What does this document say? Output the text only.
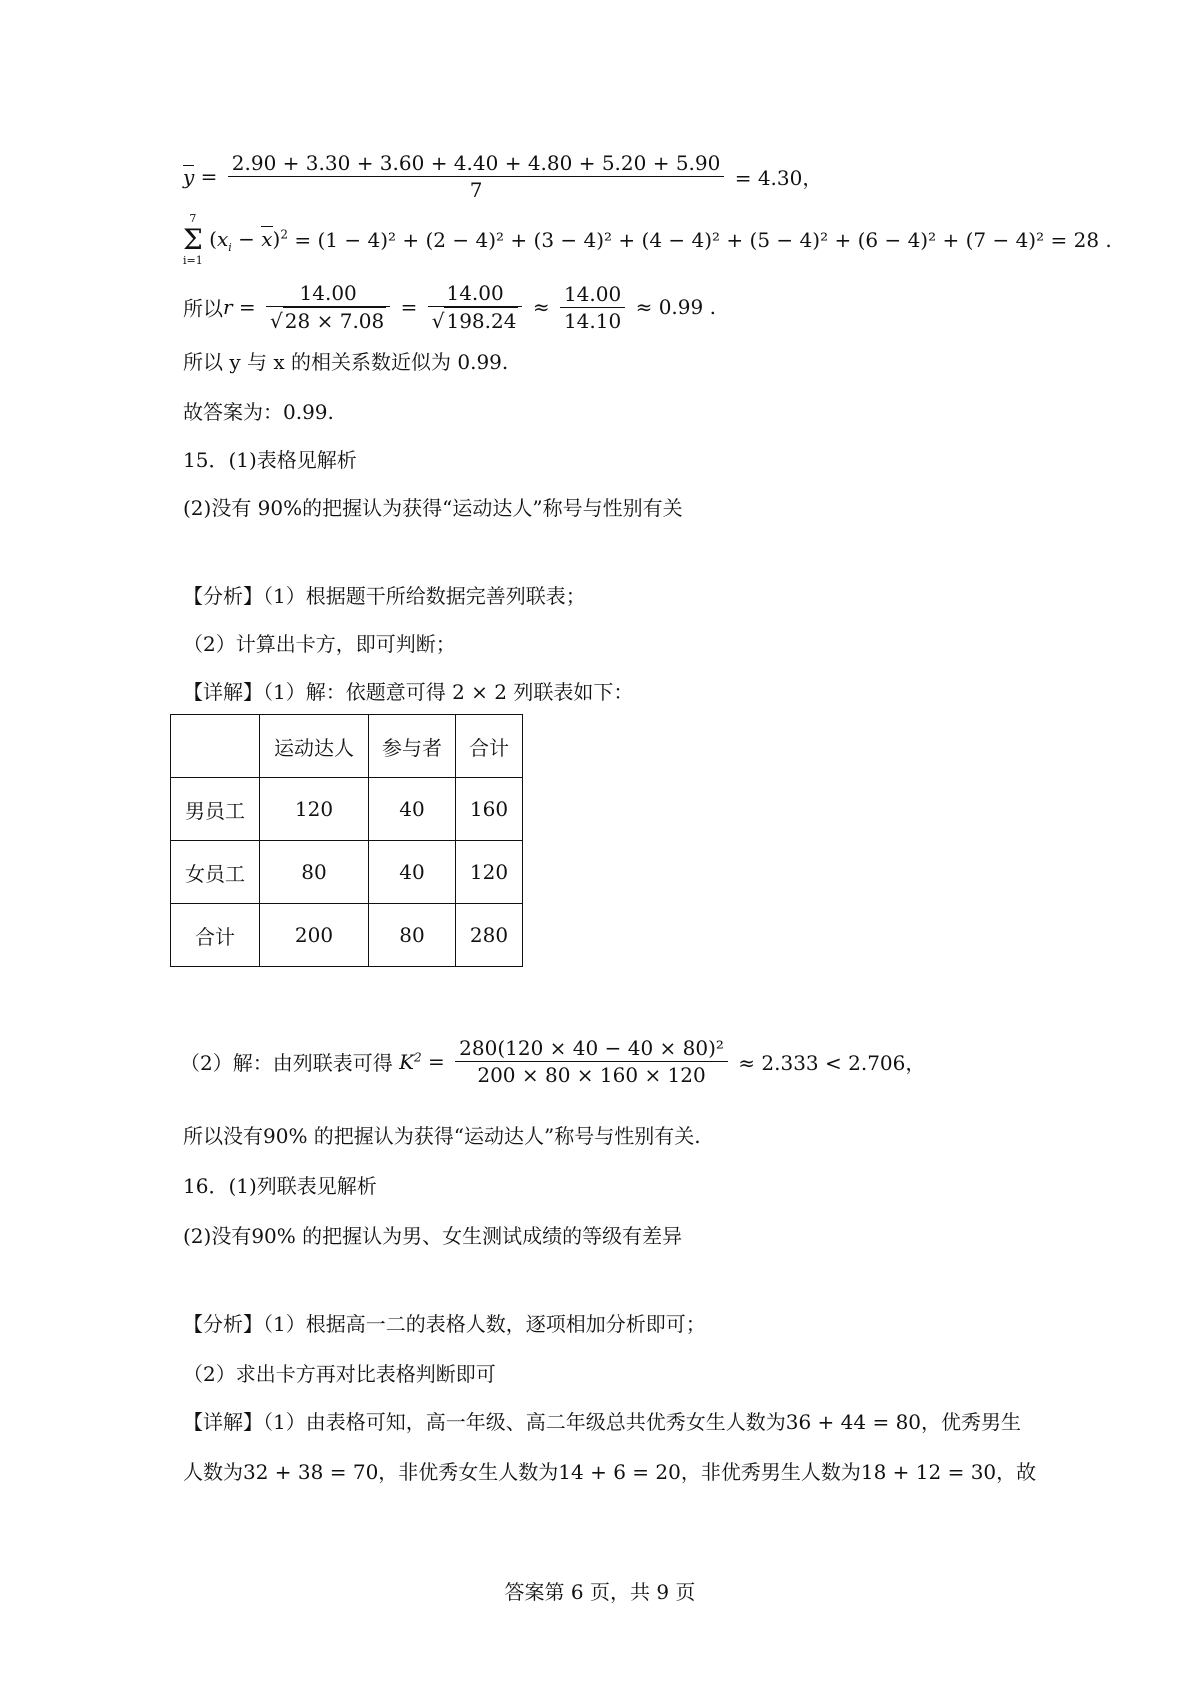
$y = \frac{2.90 + 3.30 + 3.60 + 4.40 + 4.80 + 5.20 + 5.90}{7} = 4.30$，
7
Σ
i=1
$(x_i - x)^2 = (1 - 4)^2 + (2 - 4)^2 + (3 - 4)^2 + (4 - 4)^2 + (5 - 4)^2 + (6 - 4)^2 + (7 - 4)^2 = 28$ .
所以$r = \frac{14.00}{√ 28 \times 7.08} = \frac{14.00}{√ 198.24} \approx \frac{14.00}{14.10} \approx 0.99$ .
所以 y 与 x 的相关系数近似为 0.99.
故答案为：0.99.
15．(1)表格见解析
(2)没有 90%的把握认为获得“运动达人”称号与性别有关
【分析】（1）根据题干所给数据完善列联表；
（2）计算出卡方，即可判断；
【详解】（1）解：依题意可得 2 × 2 列联表如下：
	运动达人	参与者	合计
男员工	120	40	160
女员工	80	40	120
合计	200	80	280
（2）解：由列联表可得 $K^2 = \frac{\text{280(120 × 40 − 40 × 80)²}}{200 \times 80 \times 160 \times 120} \approx 2.333 < 2.706$，
所以没有90% 的把握认为获得“运动达人”称号与性别有关.
16．(1)列联表见解析
(2)没有90% 的把握认为男、女生测试成绩的等级有差异
【分析】（1）根据高一二的表格人数，逐项相加分析即可；
（2）求出卡方再对比表格判断即可
【详解】（1）由表格可知，高一年级、高二年级总共优秀女生人数为36 + 44 = 80，优秀男生
人数为32 + 38 = 70，非优秀女生人数为14 + 6 = 20，非优秀男生人数为18 + 12 = 30，故
答案第 6 页，共 9 页
